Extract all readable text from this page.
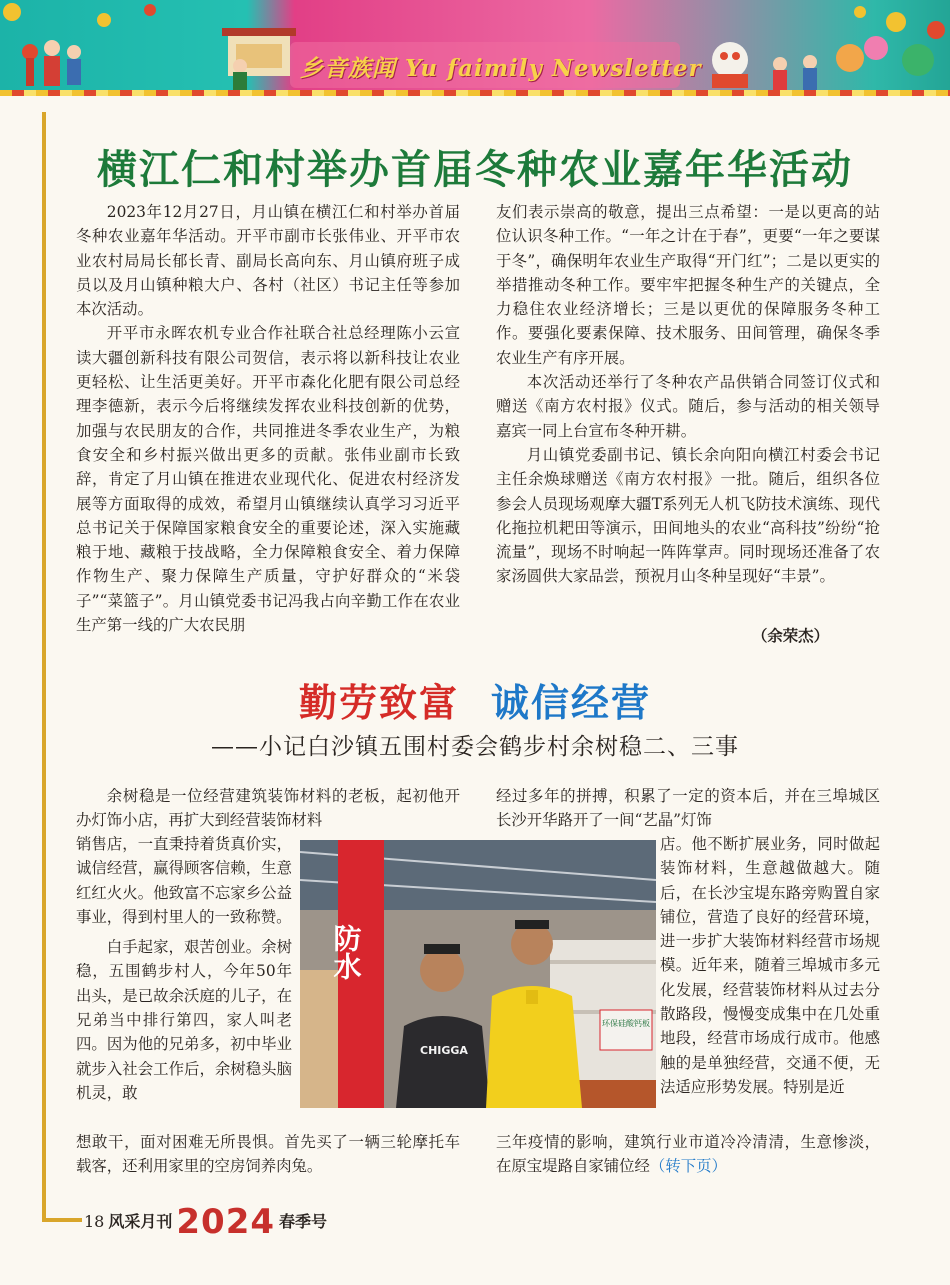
乡音族闻 Yu faimily Newsletter
横江仁和村举办首届冬种农业嘉年华活动

2023年12月27日，月山镇在横江仁和村举办首届冬种农业嘉年华活动。开平市副市长张伟业、开平市农业农村局局长郁长青、副局长高向东、月山镇府班子成员以及月山镇种粮大户、各村（社区）书记主任等参加本次活动。

开平市永晖农机专业合作社联合社总经理陈小云宣读大疆创新科技有限公司贺信，表示将以新科技让农业更轻松、让生活更美好。开平市森化化肥有限公司总经理李德新，表示今后将继续发挥农业科技创新的优势，加强与农民朋友的合作，共同推进冬季农业生产，为粮食安全和乡村振兴做出更多的贡献。张伟业副市长致辞，肯定了月山镇在推进农业现代化、促进农村经济发展等方面取得的成效，希望月山镇继续认真学习习近平总书记关于保障国家粮食安全的重要论述，深入实施藏粮于地、藏粮于技战略，全力保障粮食安全、着力保障作物生产、聚力保障生产质量，守护好群众的“米袋子”“菜篮子”。月山镇党委书记冯我占向辛勤工作在农业生产第一线的广大农民朋

友们表示崇高的敬意，提出三点希望：一是以更高的站位认识冬种工作。“一年之计在于春”，更要“一年之要谋于冬”，确保明年农业生产取得“开门红”；二是以更实的举措推动冬种工作。要牢牢把握冬种生产的关键点，全力稳住农业经济增长；三是以更优的保障服务冬种工作。要强化要素保障、技术服务、田间管理，确保冬季农业生产有序开展。

本次活动还举行了冬种农产品供销合同签订仪式和赠送《南方农村报》仪式。随后，参与活动的相关领导嘉宾一同上台宣布冬种开耕。

月山镇党委副书记、镇长余向阳向横江村委会书记主任余焕球赠送《南方农村报》一批。随后，组织各位参会人员现场观摩大疆T系列无人机飞防技术演练、现代化拖拉机耙田等演示，田间地头的农业“高科技”纷纷“抢流量”，现场不时响起一阵阵掌声。同时现场还准备了农家汤圆供大家品尝，预祝月山冬种呈现好“丰景”。

（余荣杰）
勤劳致富 诚信经营
——小记白沙镇五围村委会鹤步村余树稳二、三事

余树稳是一位经营建筑装饰材料的老板，起初他开办灯饰小店，再扩大到经营装饰材料

销售店，一直秉持着货真价实，诚信经营，赢得顾客信赖，生意红红火火。他致富不忘家乡公益事业，得到村里人的一致称赞。

白手起家，艰苦创业。余树稳，五围鹤步村人，今年50年出头，是已故余沃庭的儿子，在兄弟当中排行第四，家人叫老四。因为他的兄弟多，初中毕业就步入社会工作后，余树稳头脑机灵，敢

想敢干，面对困难无所畏惧。首先买了一辆三轮摩托车载客，还利用家里的空房饲养肉兔。

经过多年的拼搏，积累了一定的资本后，并在三埠城区长沙开华路开了一间“艺晶”灯饰

店。他不断扩展业务，同时做起装饰材料，生意越做越大。随后，在长沙宝堤东路旁购置自家铺位，营造了良好的经营环境，进一步扩大装饰材料经营市场规模。近年来，随着三埠城市多元化发展，经营装饰材料从过去分散路段，慢慢变成集中在几处重地段，经营市场成行成市。他感触的是单独经营，交通不便，无法适应形势发展。特别是近

三年疫情的影响，建筑行业市道冷冷清清，生意惨淡，在原宝堤路自家铺位经（转下页）

环保硅酸钙板
防水
CHIGGA
18 风采月刊 2024 春季号
